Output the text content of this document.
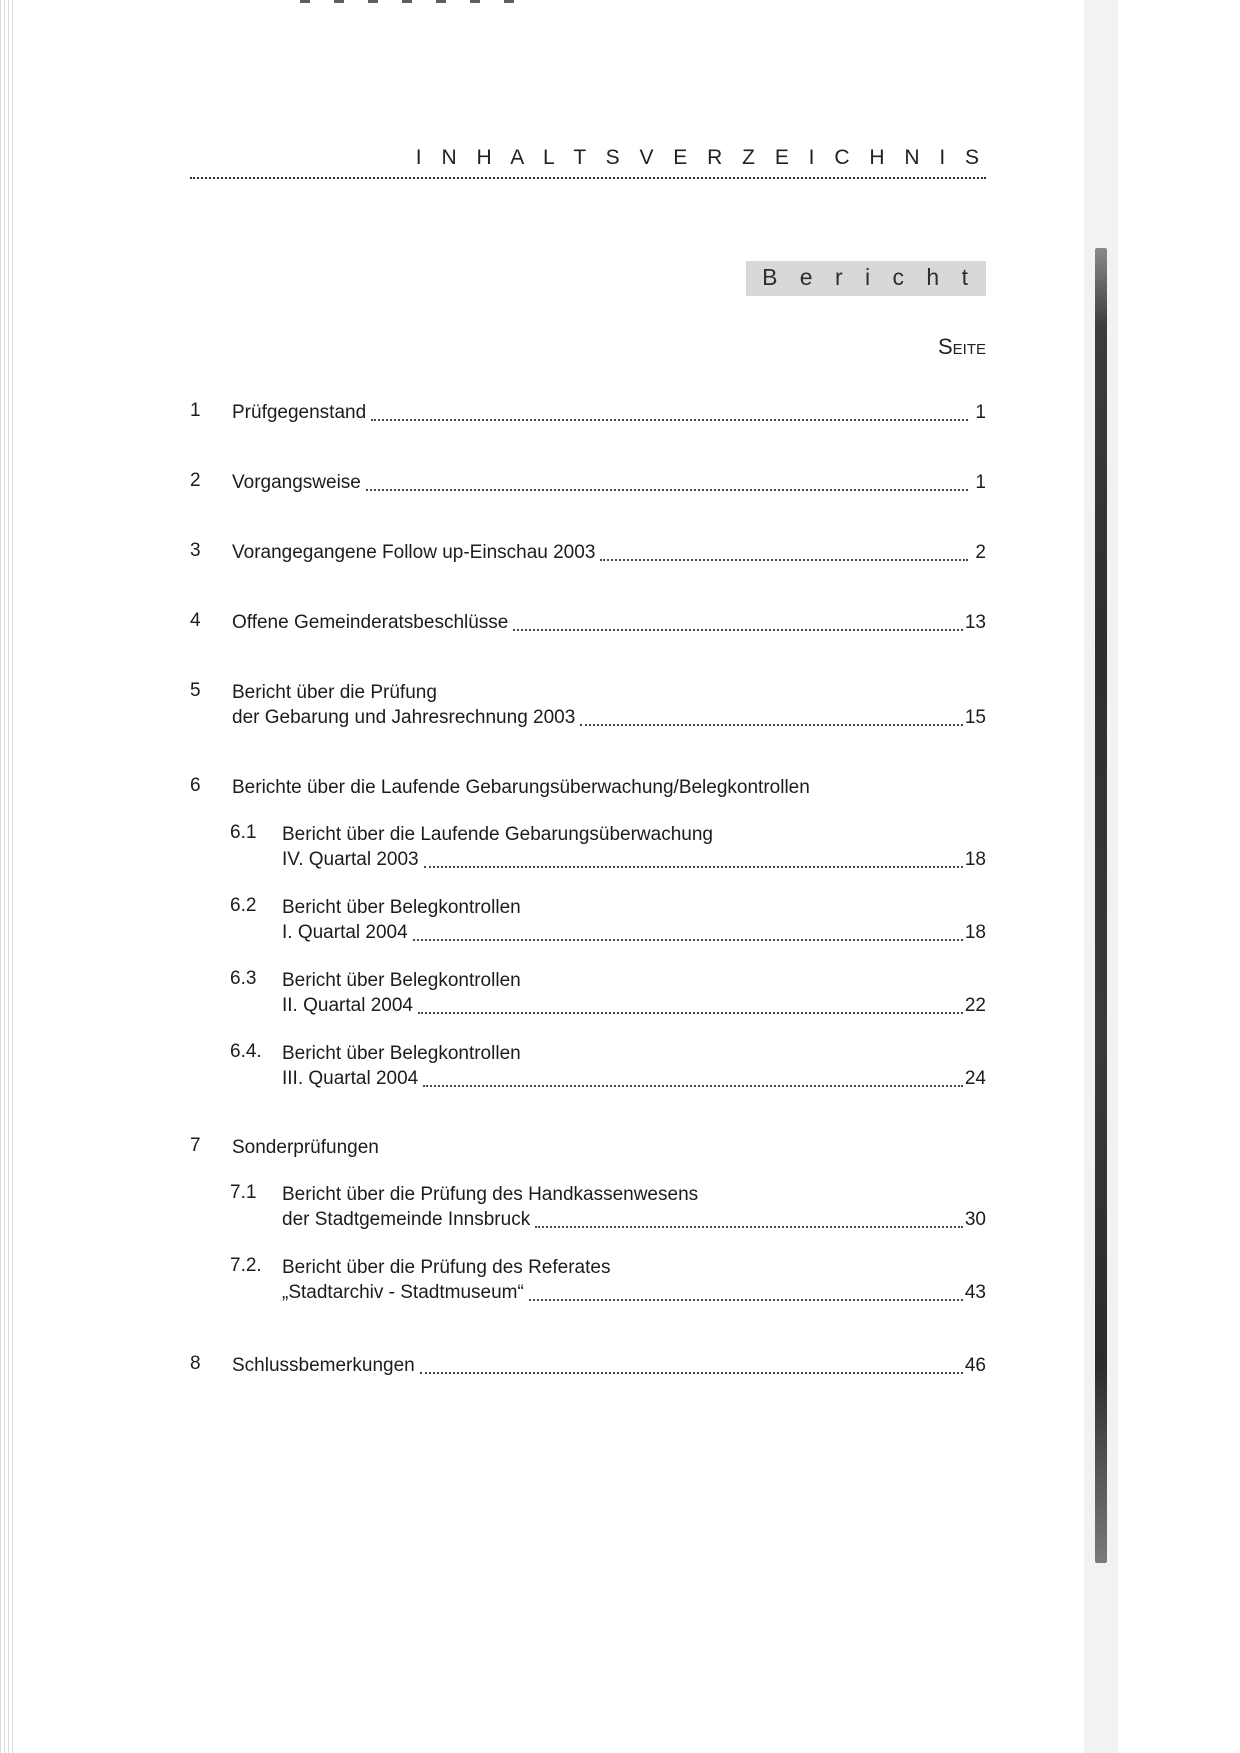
I N H A L T S V E R Z E I C H N I S
B e r i c h t
Seite
1	Prüfgegenstand	1
2	Vorgangsweise	1
3	Vorangegangene Follow up-Einschau 2003	2
4	Offene Gemeinderatsbeschlüsse	13
5	Bericht über die Prüfung
der Gebarung und Jahresrechnung 2003	15
6	Berichte über die Laufende Gebarungsüberwachung/Belegkontrollen
6.1	Bericht über die Laufende Gebarungsüberwachung
IV. Quartal 2003	18
6.2	Bericht über Belegkontrollen
I. Quartal 2004	18
6.3	Bericht über Belegkontrollen
II. Quartal 2004	22
6.4.	Bericht über Belegkontrollen
III. Quartal 2004	24
7	Sonderprüfungen
7.1	Bericht über die Prüfung des Handkassenwesens
der Stadtgemeinde Innsbruck	30
7.2.	Bericht über die Prüfung des Referates
„Stadtarchiv - Stadtmuseum“	43
8	Schlussbemerkungen	46
